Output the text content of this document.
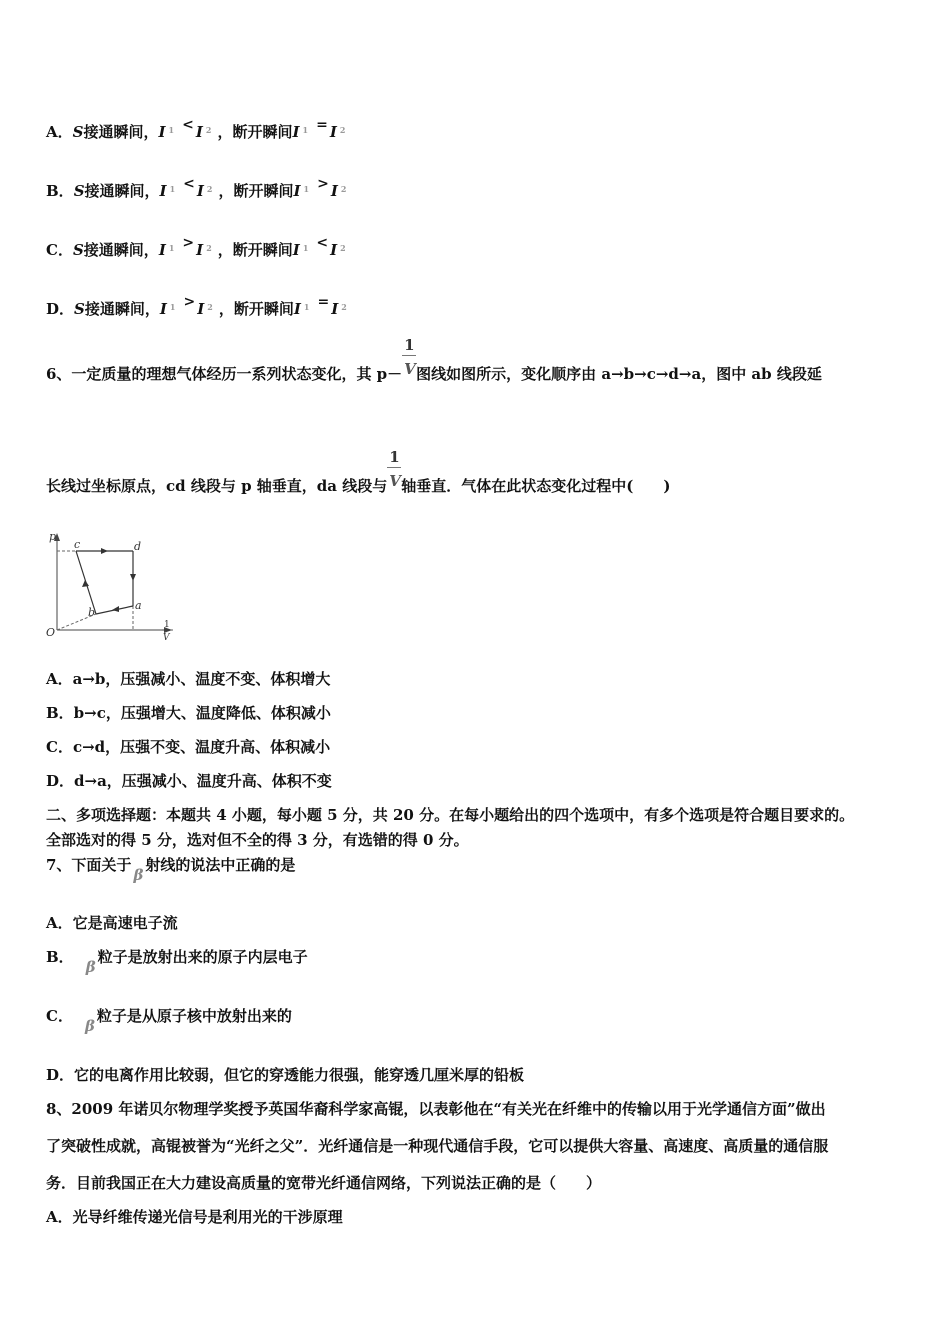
A．S接通瞬间，I $^1$ < I $^2$ ，断开瞬间I $^1$ = I $^2$
B．S接通瞬间，I $^1$ < I $^2$ ，断开瞬间I $^1$ > I $^2$
C．S接通瞬间，I $^1$ > I $^2$ ，断开瞬间I $^1$ < I $^2$
D．S接通瞬间，I $^1$ > I $^2$ ，断开瞬间I $^1$ = I $^2$
6、一定质量的理想气体经历一系列状态变化，其 $p- \frac{1}{V}$ 图线如图所示，变化顺序由 a→b→c→d→a，图中 ab 线段延
长线过坐标原点，cd 线段与 p 轴垂直，da 线段与 $\frac{1}{V}$ 轴垂直．气体在此状态变化过程中(　　)
p
O
c	d
b
a
1
V
A．a→b，压强减小、温度不变、体积增大
B．b→c，压强增大、温度降低、体积减小
C．c→d，压强不变、温度升高、体积减小
D．d→a，压强减小、温度升高、体积不变
二、多项选择题：本题共 4 小题，每小题 5 分，共 20 分。在每小题给出的四个选项中，有多个选项是符合题目要求的。
全部选对的得 5 分，选对但不全的得 3 分，有选错的得 0 分。
7、下面关于β射线的说法中正确的是
A．它是高速电子流
B．β粒子是放射出来的原子内层电子
C．β粒子是从原子核中放射出来的
D．它的电离作用比较弱，但它的穿透能力很强，能穿透几厘米厚的铅板
8、2009 年诺贝尔物理学奖授予英国华裔科学家高锟，以表彰他在“有关光在纤维中的传输以用于光学通信方面”做出
了突破性成就，高锟被誉为“光纤之父”．光纤通信是一种现代通信手段，它可以提供大容量、高速度、高质量的通信服
务．目前我国正在大力建设高质量的宽带光纤通信网络，下列说法正确的是（　　）
A．光导纤维传递光信号是利用光的干涉原理
